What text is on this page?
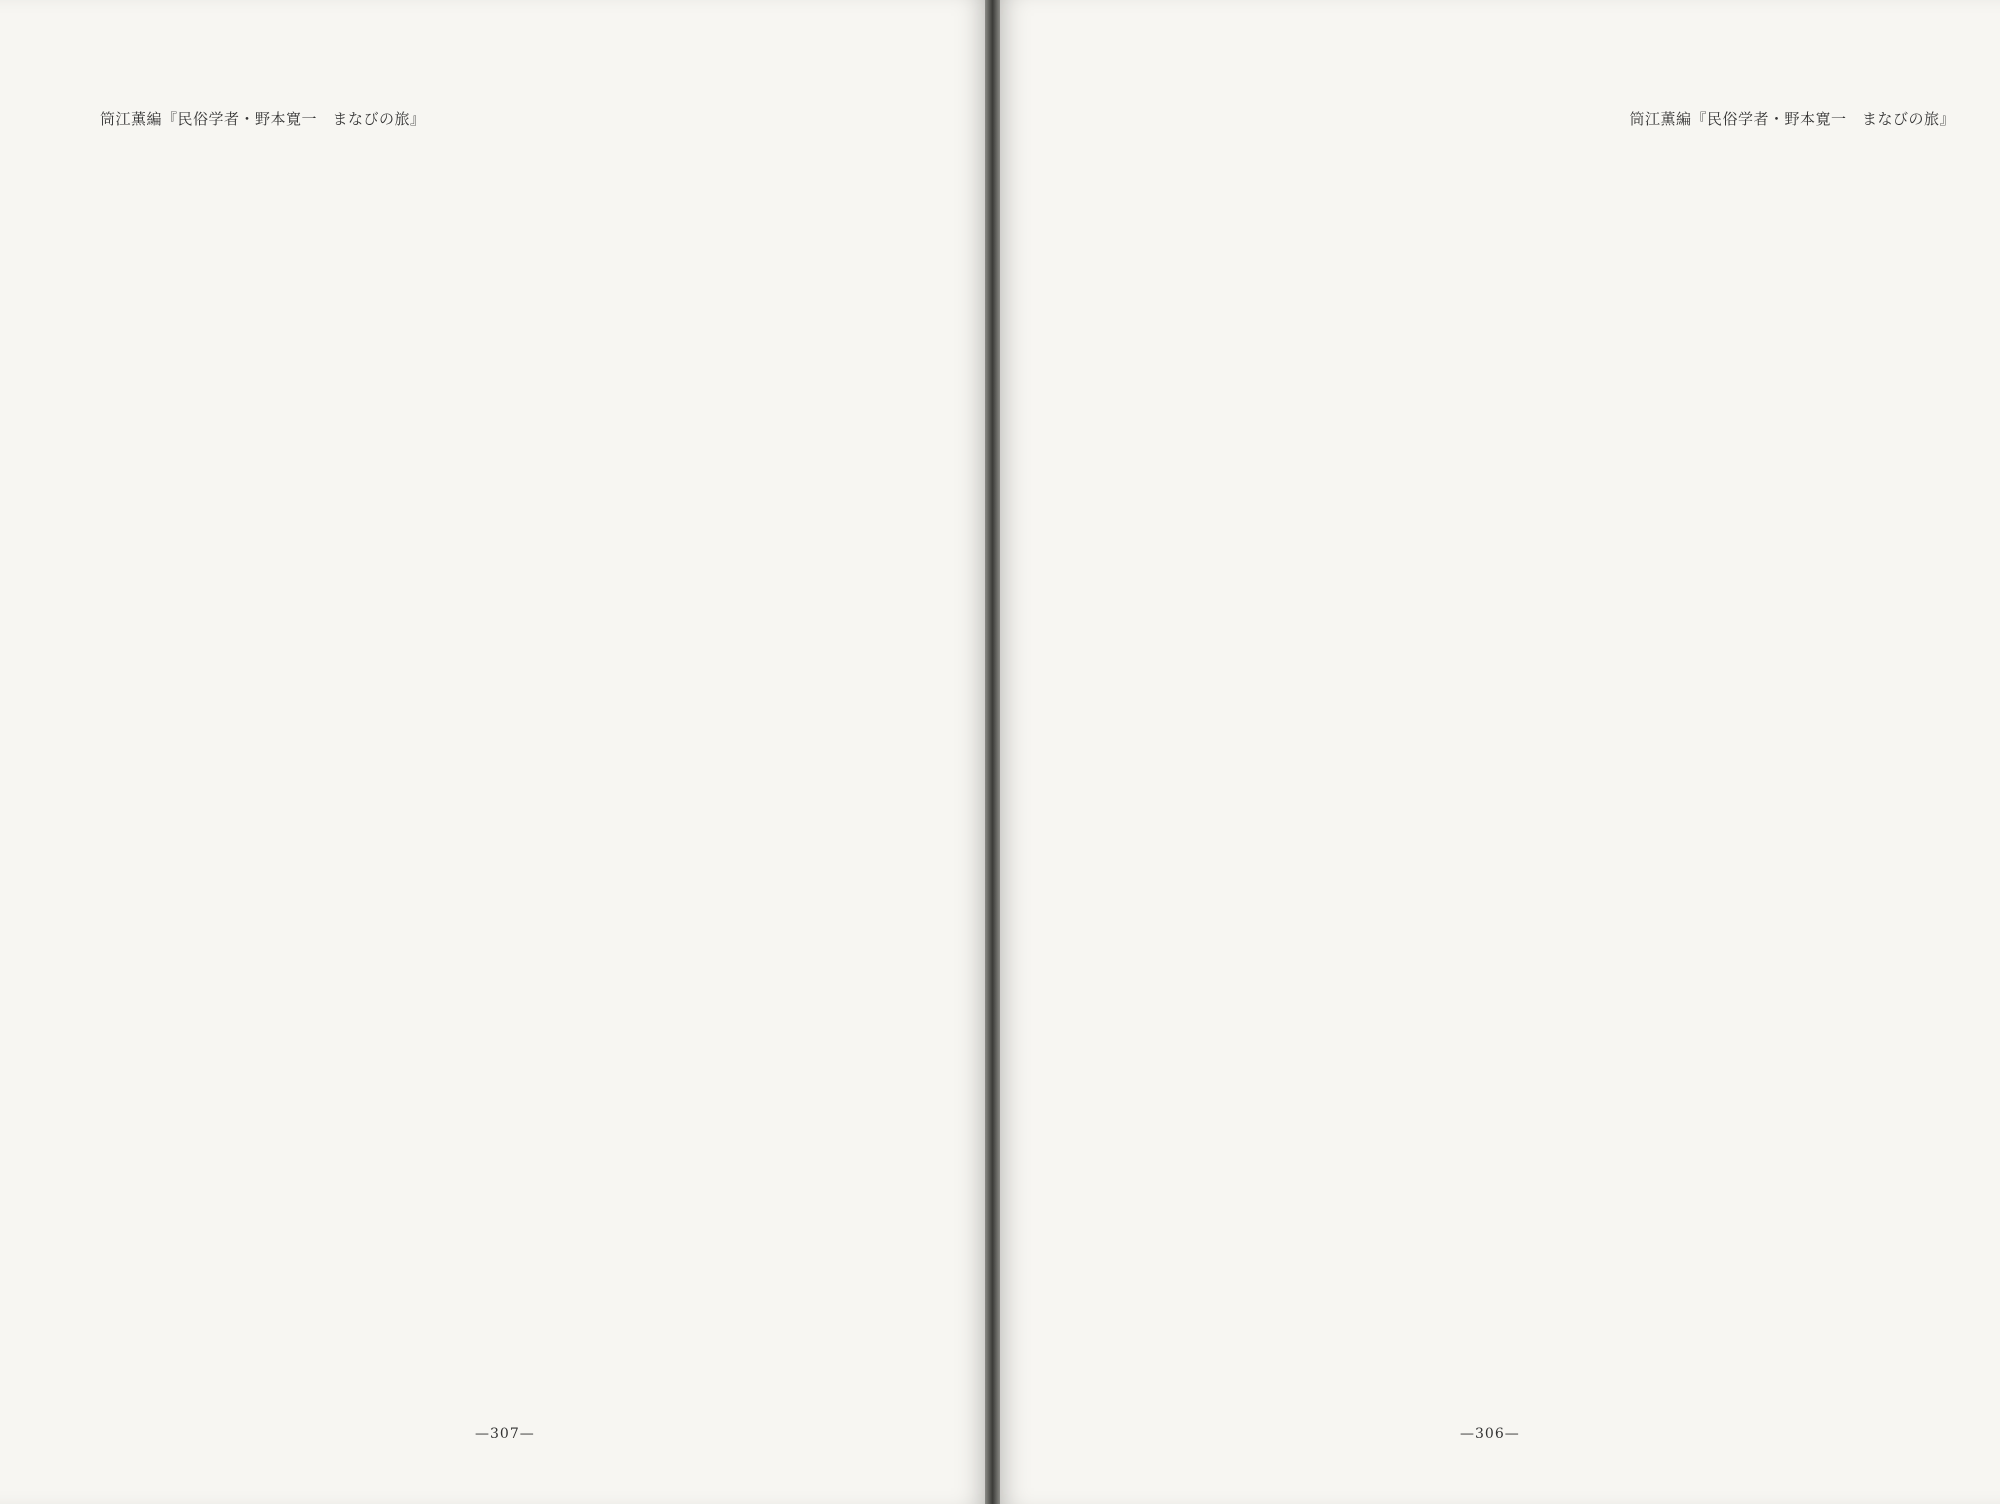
筒江薫編『民俗学者・野本寛一　まなびの旅』

—307—
筒江薫編『民俗学者・野本寛一　まなびの旅』

—306—
